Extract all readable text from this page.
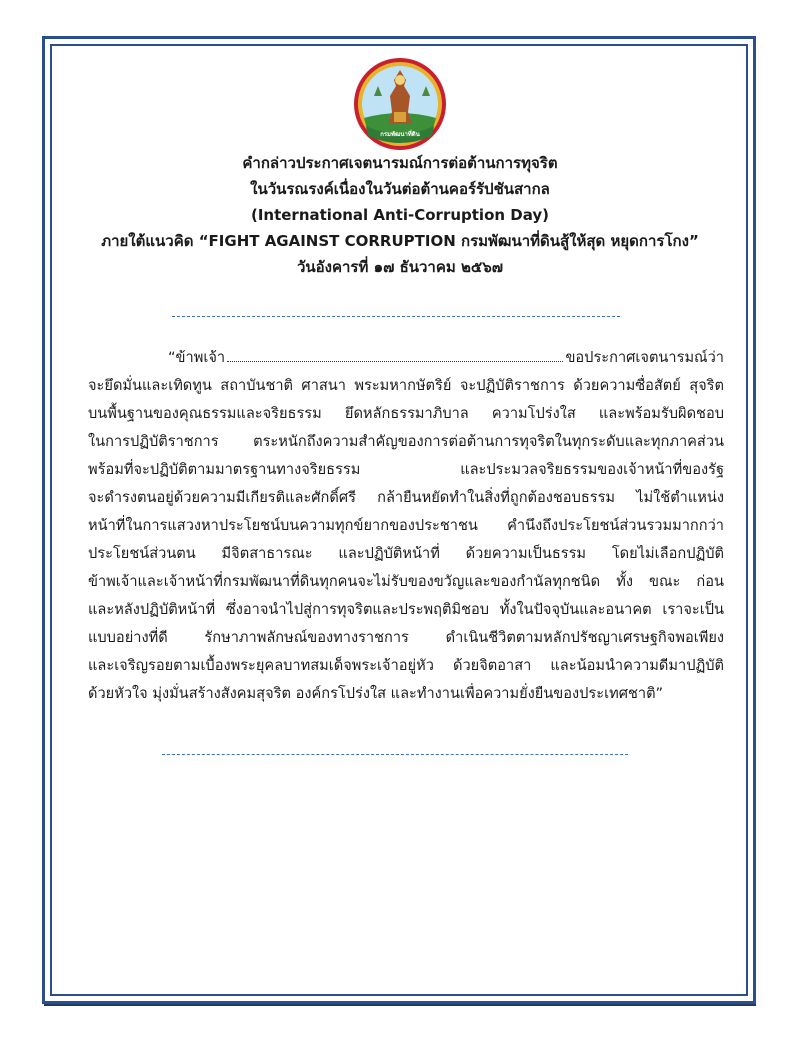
กรมพัฒนาที่ดิน
คำกล่าวประกาศเจตนารมณ์การต่อต้านการทุจริต
ในวันรณรงค์เนื่องในวันต่อต้านคอร์รัปชันสากล
(International Anti-Corruption Day)
ภายใต้แนวคิด “FIGHT AGAINST CORRUPTION กรมพัฒนาที่ดินสู้ให้สุด หยุดการโกง”
วันอังคารที่ ๑๗ ธันวาคม ๒๕๖๗
“ข้าพเจ้า	ขอประกาศเจตนารมณ์ว่า
จะยึดมั่นและเทิดทูน สถาบันชาติ ศาสนา พระมหากษัตริย์ จะปฏิบัติราชการ ด้วยความซื่อสัตย์ สุจริต
บนพื้นฐานของคุณธรรมและจริยธรรม ยึดหลักธรรมาภิบาล ความโปร่งใส และพร้อมรับผิดชอบ
ในการปฏิบัติราชการ ตระหนักถึงความสำคัญของการต่อต้านการทุจริตในทุกระดับและทุกภาคส่วน
พร้อมที่จะปฏิบัติตามมาตรฐานทางจริยธรรม และประมวลจริยธรรมของเจ้าหน้าที่ของรัฐ
จะดำรงตนอยู่ด้วยความมีเกียรติและศักดิ์ศรี กล้ายืนหยัดทำในสิ่งที่ถูกต้องชอบธรรม ไม่ใช้ตำแหน่ง
หน้าที่ในการแสวงหาประโยชน์บนความทุกข์ยากของประชาชน คำนึงถึงประโยชน์ส่วนรวมมากกว่า
ประโยชน์ส่วนตน มีจิตสาธารณะ และปฏิบัติหน้าที่ ด้วยความเป็นธรรม โดยไม่เลือกปฏิบัติ
ข้าพเจ้าและเจ้าหน้าที่กรมพัฒนาที่ดินทุกคนจะไม่รับของขวัญและของกำนัลทุกชนิด ทั้ง ขณะ ก่อน
และหลังปฏิบัติหน้าที่ ซึ่งอาจนำไปสู่การทุจริตและประพฤติมิชอบ ทั้งในปัจจุบันและอนาคต เราจะเป็น
แบบอย่างที่ดี รักษาภาพลักษณ์ของทางราชการ ดำเนินชีวิตตามหลักปรัชญาเศรษฐกิจพอเพียง
และเจริญรอยตามเบื้องพระยุคลบาทสมเด็จพระเจ้าอยู่หัว ด้วยจิตอาสา และน้อมนำความดีมาปฏิบัติ
ด้วยหัวใจ มุ่งมั่นสร้างสังคมสุจริต องค์กรโปร่งใส และทำงานเพื่อความยั่งยืนของประเทศชาติ”
